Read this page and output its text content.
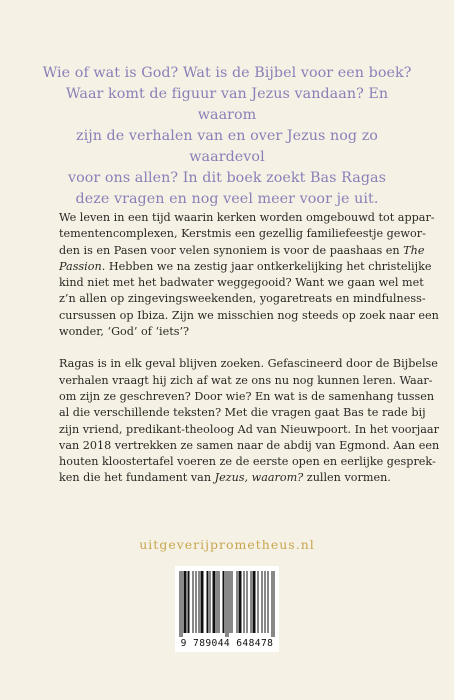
Wie of wat is God? Wat is de Bijbel voor een boek?
Waar komt de figuur van Jezus vandaan? En waarom
zijn de verhalen van en over Jezus nog zo waardevol
voor ons allen? In dit boek zoekt Bas Ragas
deze vragen en nog veel meer voor je uit.

We leven in een tijd waarin kerken worden omgebouwd tot appar-
tementencomplexen, Kerstmis een gezellig familiefeestje gewor-
den is en Pasen voor velen synoniem is voor de paashaas en The
Passion. Hebben we na zestig jaar ontkerkelijking het christelijke
kind niet met het badwater weggegooid? Want we gaan wel met
z’n allen op zingevingsweekenden, yogaretreats en mindfulness-
cursussen op Ibiza. Zijn we misschien nog steeds op zoek naar een
wonder, ‘God’ of ‘iets’?

Ragas is in elk geval blijven zoeken. Gefascineerd door de Bijbelse
verhalen vraagt hij zich af wat ze ons nu nog kunnen leren. Waar-
om zijn ze geschreven? Door wie? En wat is de samenhang tussen
al die verschillende teksten? Met die vragen gaat Bas te rade bij
zijn vriend, predikant-theoloog Ad van Nieuwpoort. In het voorjaar
van 2018 vertrekken ze samen naar de abdij van Egmond. Aan een
houten kloostertafel voeren ze de eerste open en eerlijke gesprek-
ken die het fundament van Jezus, waarom? zullen vormen.

uitgeverijprometheus.nl
9 789044 648478
